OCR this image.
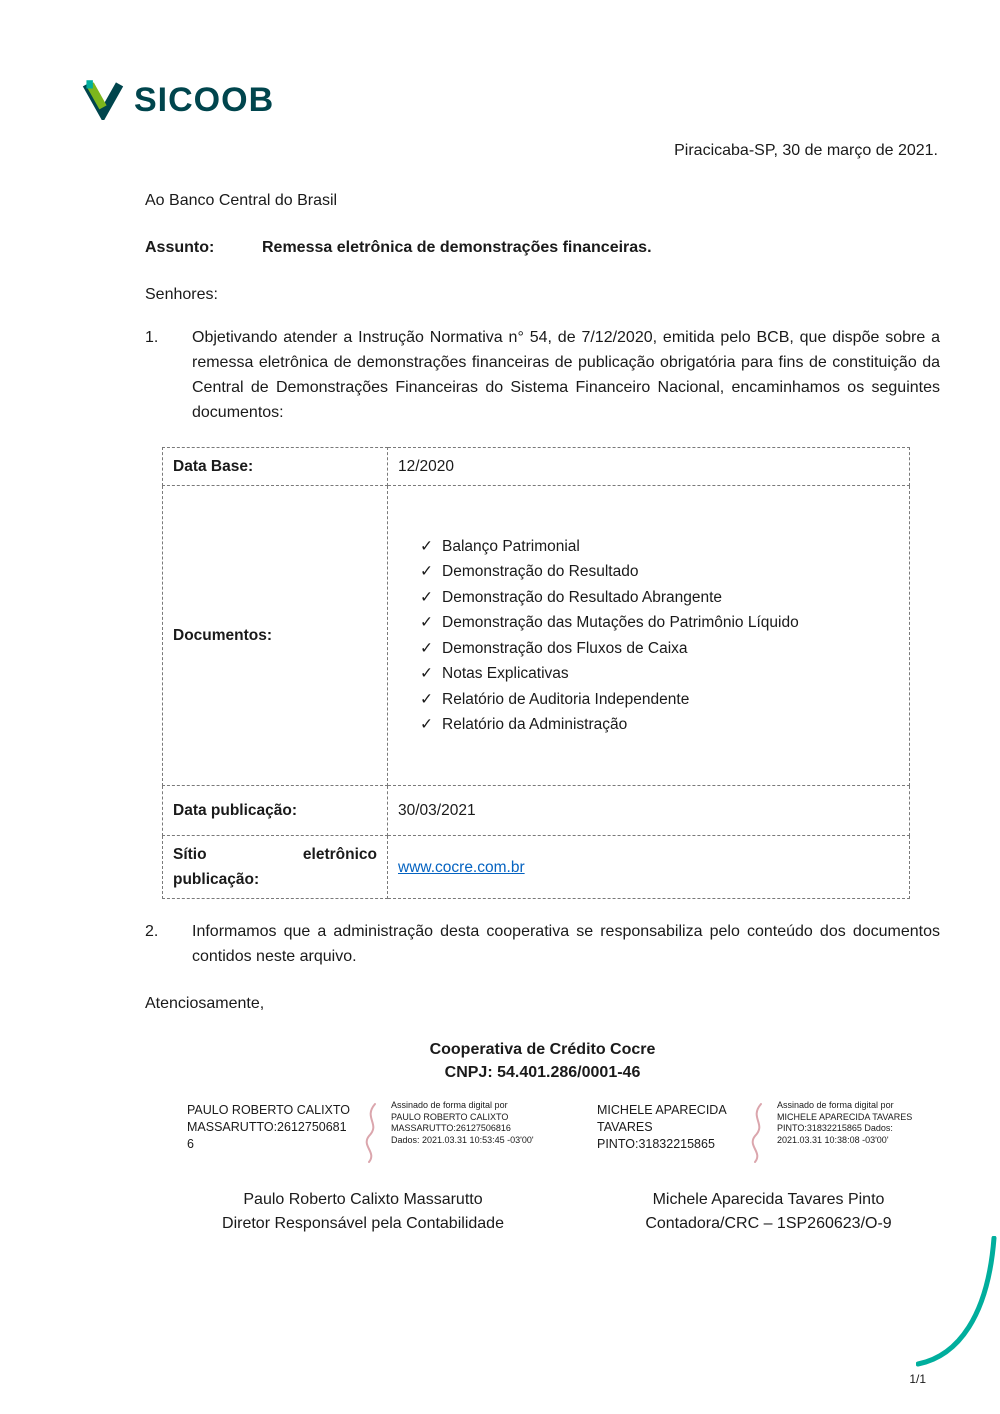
SICOOB
Piracicaba-SP, 30 de março de 2021.
Ao Banco Central do Brasil
Assunto:	Remessa eletrônica de demonstrações financeiras.
Senhores:
1.	Objetivando atender a Instrução Normativa n° 54, de 7/12/2020, emitida pelo BCB, que dispõe sobre a remessa eletrônica de demonstrações financeiras de publicação obrigatória para fins de constituição da Central de Demonstrações Financeiras do Sistema Financeiro Nacional, encaminhamos os seguintes documentos:

Data Base:	12/2020
Documentos:	
✓ Balanço Patrimonial
✓ Demonstração do Resultado
✓ Demonstração do Resultado Abrangente
✓ Demonstração das Mutações do Patrimônio Líquido
✓ Demonstração dos Fluxos de Caixa
✓ Notas Explicativas
✓ Relatório de Auditoria Independente
✓ Relatório da Administração

Data publicação:	30/03/2021

Sítio eletrônico
publicação:	www.cocre.com.br
2.	Informamos que a administração desta cooperativa se responsabiliza pelo conteúdo dos documentos contidos neste arquivo.

Atenciosamente,
Cooperativa de Crédito Cocre
CNPJ: 54.401.286/0001-46
PAULO ROBERTO CALIXTO MASSARUTTO:26127506816
Assinado de forma digital por PAULO ROBERTO CALIXTO MASSARUTTO:26127506816 Dados: 2021.03.31 10:53:45 -03'00'
Paulo Roberto Calixto Massarutto
Diretor Responsável pela Contabilidade
MICHELE APARECIDA TAVARES PINTO:31832215865
Assinado de forma digital por MICHELE APARECIDA TAVARES PINTO:31832215865 Dados: 2021.03.31 10:38:08 -03'00'
Michele Aparecida Tavares Pinto
Contadora/CRC – 1SP260623/O-9
1/1
